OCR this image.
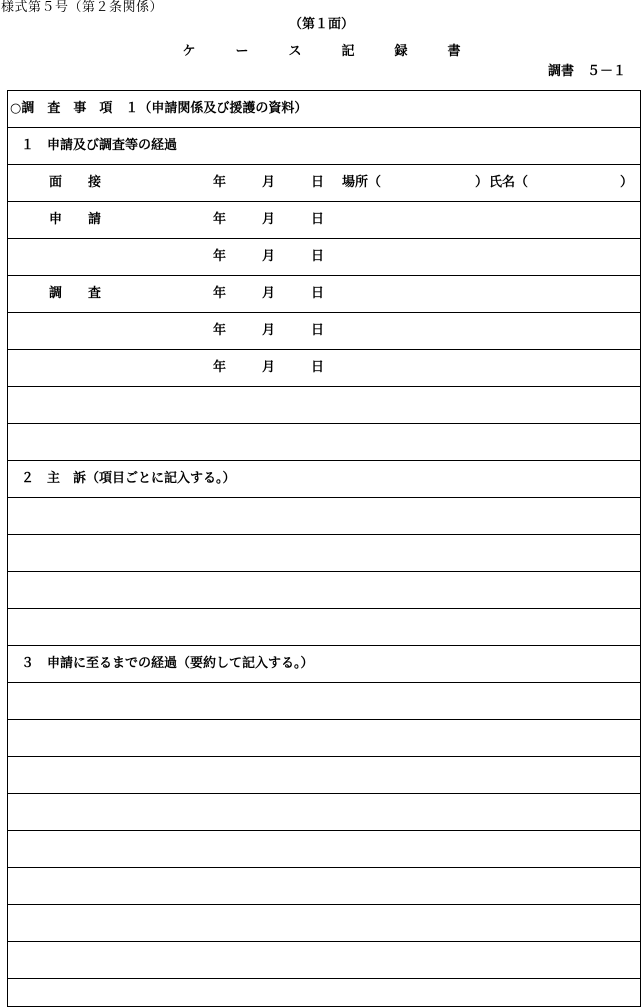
様式第５号（第２条関係）
（第１面）
ケ	ー	ス	記	録	書
調書　５－１
○調　査　事　項　１（申請関係及び援護の資料）
１　申請及び調査等の経過
面　　接	年	月	日 場所（	） 氏名（	）
申　　請	年	月	日
年	月	日
調　　査	年	月	日
年	月	日
年	月	日
２　主　訴（項目ごとに記入する。）
３　申請に至るまでの経過（要約して記入する。）
